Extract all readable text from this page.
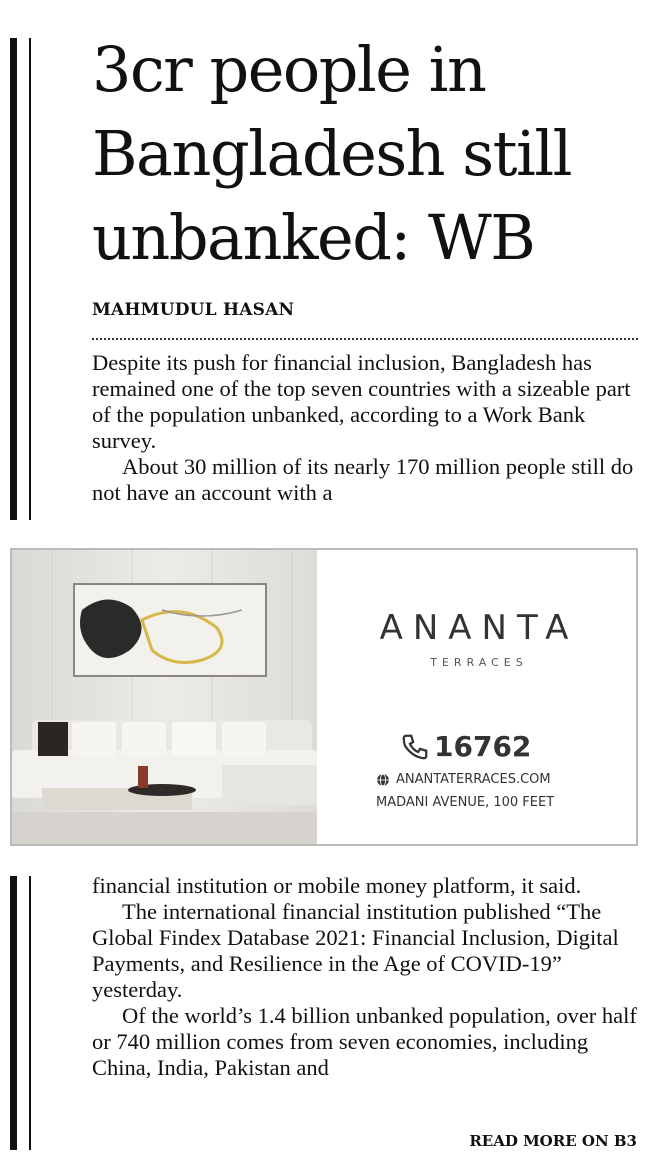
3cr people in Bangladesh still unbanked: WB
MAHMUDUL HASAN

Despite its push for financial inclusion, Bangladesh has remained one of the top seven countries with a sizeable part of the population unbanked, according to a Work Bank survey.

About 30 million of its nearly 170 million people still do not have an account with a

ANANTA
TERRACES
16762
ANANTATERRACES.COM
MADANI AVENUE, 100 FEET

financial institution or mobile money platform, it said.

The international financial institution published “The Global Findex Database 2021: Financial Inclusion, Digital Payments, and Resilience in the Age of COVID-19” yesterday.

Of the world’s 1.4 billion unbanked population, over half or 740 million comes from seven economies, including China, India, Pakistan and

READ MORE ON B3
